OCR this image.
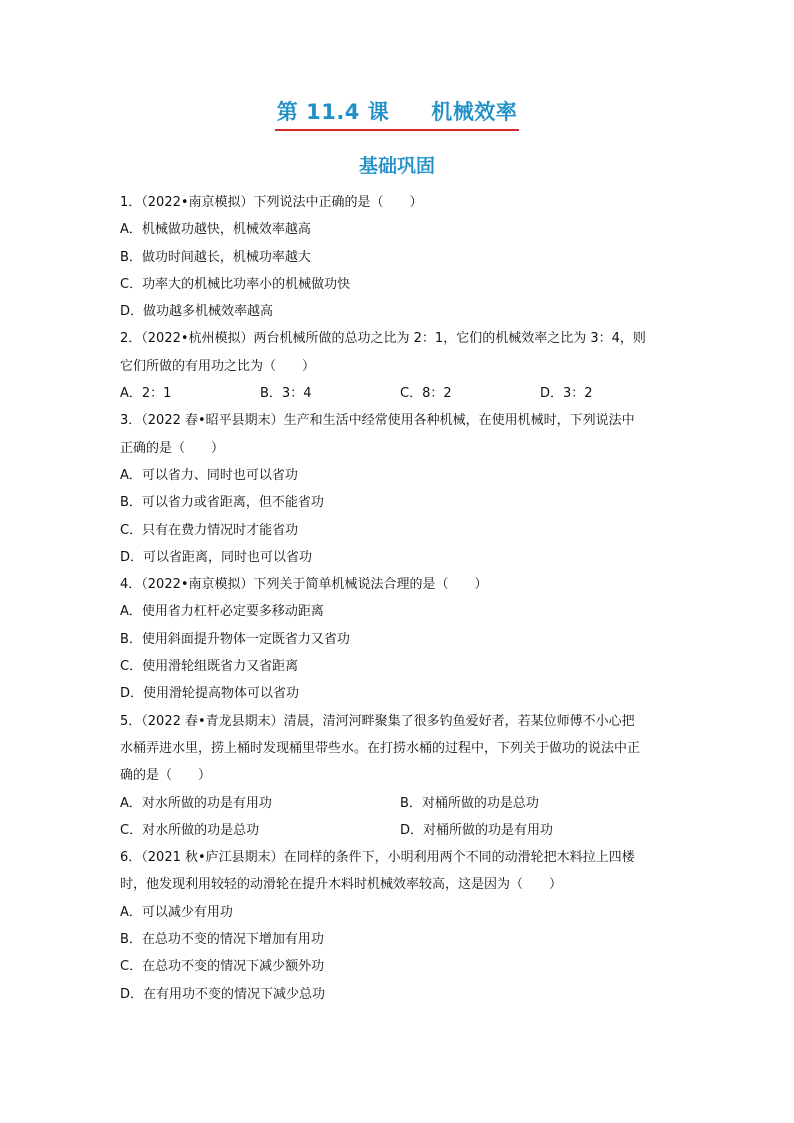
第 11.4 课 机械效率
基础巩固
1．（2022•南京模拟）下列说法中正确的是（　　）
A．机械做功越快，机械效率越高
B．做功时间越长，机械功率越大
C．功率大的机械比功率小的机械做功快
D．做功越多机械效率越高
2．（2022•杭州模拟）两台机械所做的总功之比为 2：1，它们的机械效率之比为 3：4，则
它们所做的有用功之比为（　　）
A．2：1	B．3：4	C．8：2	D．3：2
3．（2022 春•昭平县期末）生产和生活中经常使用各种机械，在使用机械时，下列说法中
正确的是（　　）
A．可以省力、同时也可以省功
B．可以省力或省距离，但不能省功
C．只有在费力情况时才能省功
D．可以省距离，同时也可以省功
4．（2022•南京模拟）下列关于简单机械说法合理的是（　　）
A．使用省力杠杆必定要多移动距离
B．使用斜面提升物体一定既省力又省功
C．使用滑轮组既省力又省距离
D．使用滑轮提高物体可以省功
5．（2022 春•青龙县期末）清晨，清河河畔聚集了很多钓鱼爱好者，若某位师傅不小心把
水桶弄进水里，捞上桶时发现桶里带些水。在打捞水桶的过程中，下列关于做功的说法中正
确的是（　　）
A．对水所做的功是有用功	B．对桶所做的功是总功
C．对水所做的功是总功	D．对桶所做的功是有用功
6．（2021 秋•庐江县期末）在同样的条件下，小明利用两个不同的动滑轮把木料拉上四楼
时，他发现利用较轻的动滑轮在提升木料时机械效率较高，这是因为（　　）
A．可以减少有用功
B．在总功不变的情况下增加有用功
C．在总功不变的情况下减少额外功
D．在有用功不变的情况下减少总功
